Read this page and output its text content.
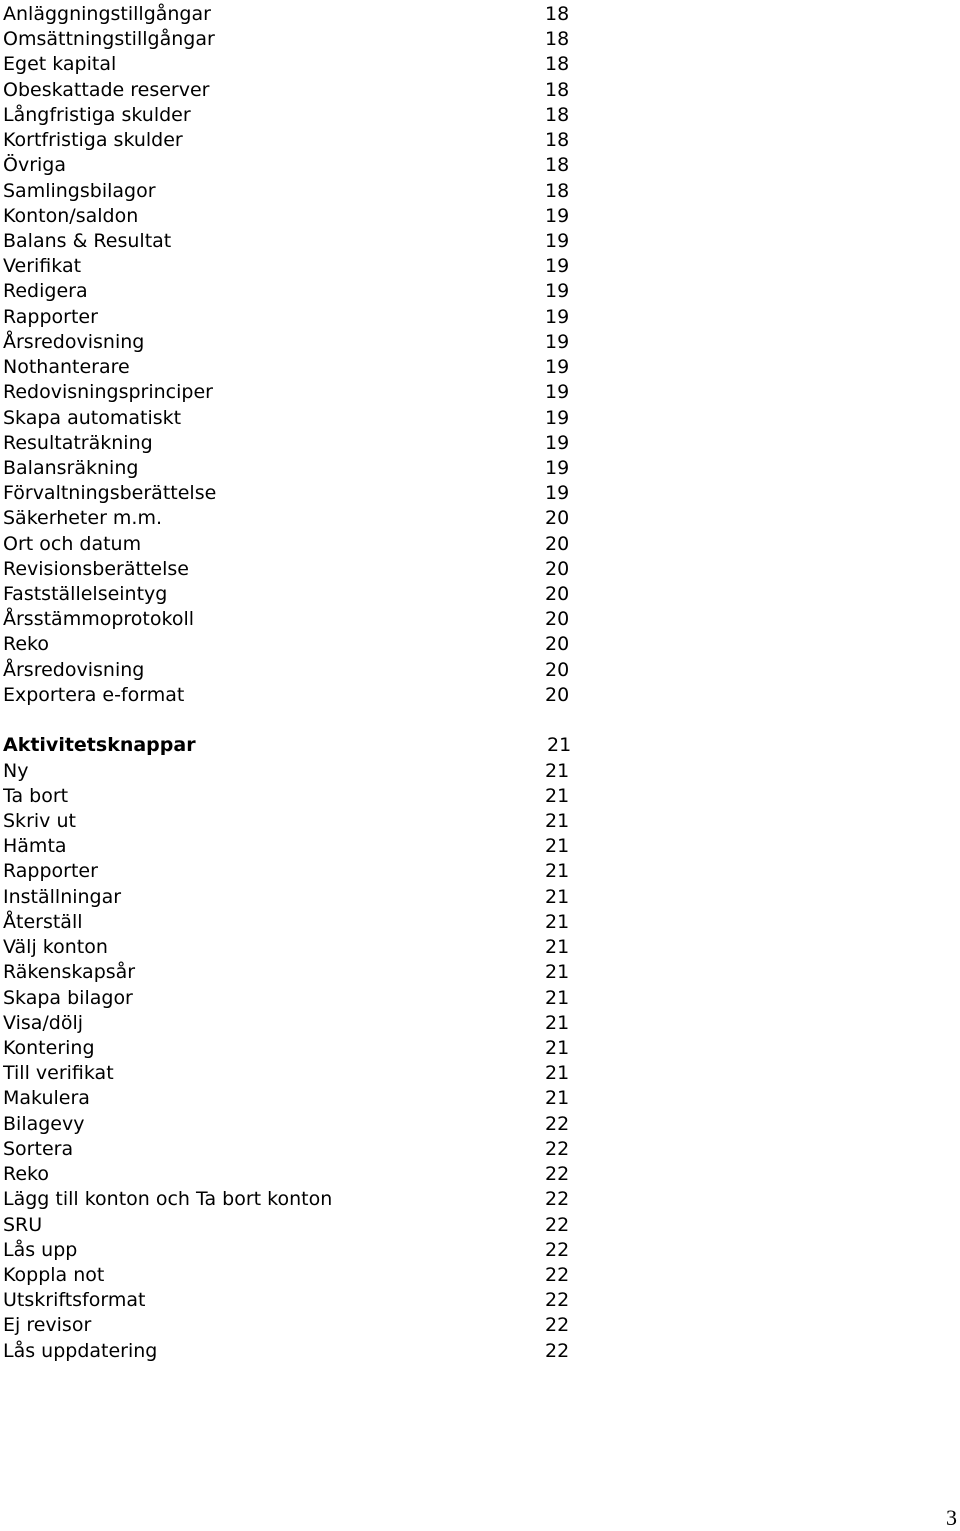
Anläggningstillgångar	18
Omsättningstillgångar	18
Eget kapital	18
Obeskattade reserver	18
Långfristiga skulder	18
Kortfristiga skulder	18
Övriga	18
Samlingsbilagor	18
Konton/saldon	19
Balans & Resultat	19
Verifikat	19
Redigera	19
Rapporter	19
Årsredovisning	19
Nothanterare	19
Redovisningsprinciper	19
Skapa automatiskt	19
Resultaträkning	19
Balansräkning	19
Förvaltningsberättelse	19
Säkerheter m.m.	20
Ort och datum	20
Revisionsberättelse	20
Fastställelseintyg	20
Årsstämmoprotokoll	20
Reko	20
Årsredovisning	20
Exportera e-format	20
Aktivitetsknappar	21
Ny	21
Ta bort	21
Skriv ut	21
Hämta	21
Rapporter	21
Inställningar	21
Återställ	21
Välj konton	21
Räkenskapsår	21
Skapa bilagor	21
Visa/dölj	21
Kontering	21
Till verifikat	21
Makulera	21
Bilagevy	22
Sortera	22
Reko	22
Lägg till konton och Ta bort konton	22
SRU	22
Lås upp	22
Koppla not	22
Utskriftsformat	22
Ej revisor	22
Lås uppdatering	22
3
